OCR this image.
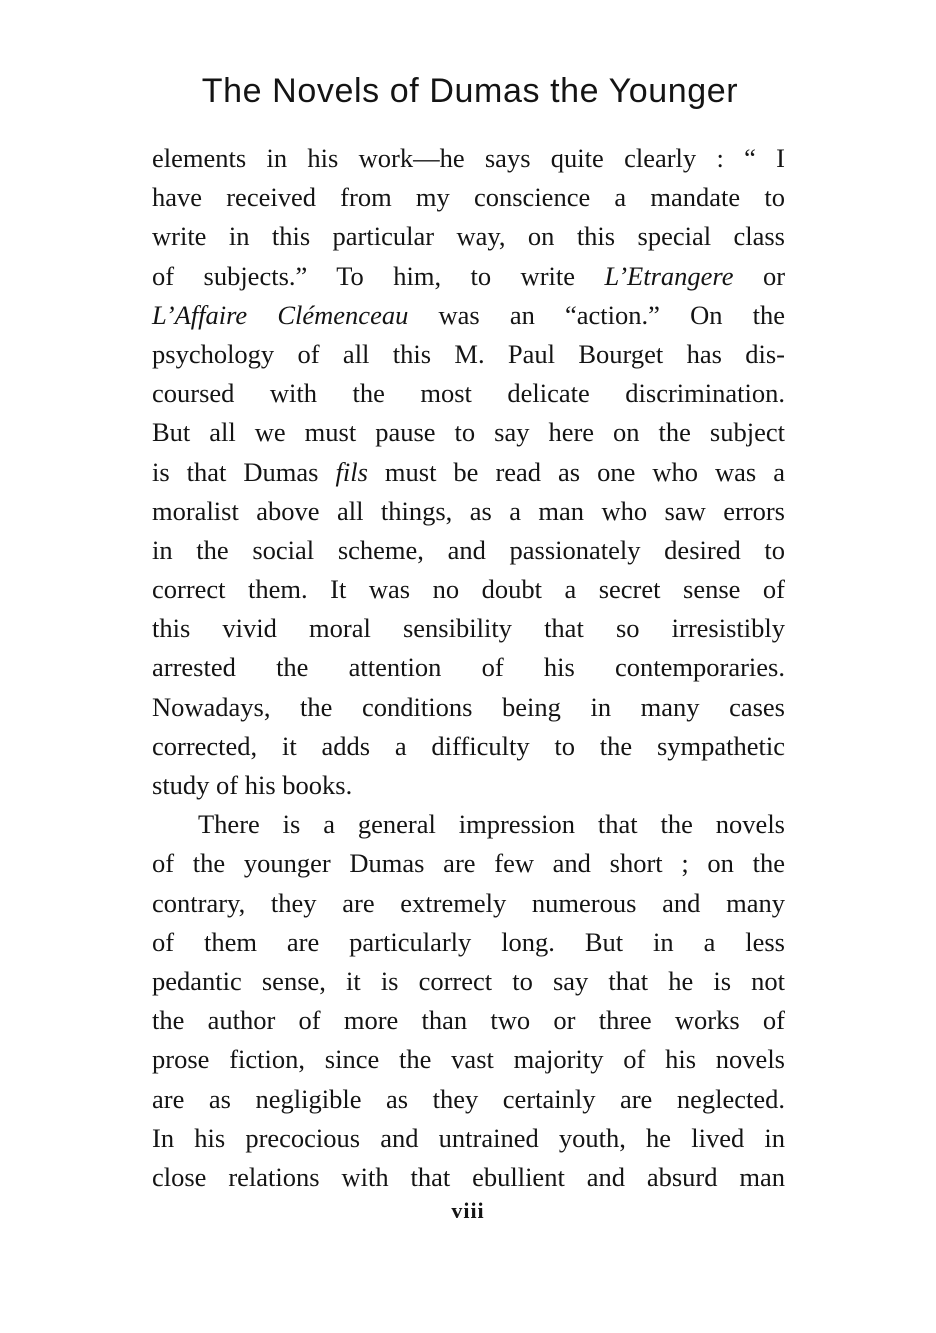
The Novels of Dumas the Younger
elements in his work—he says quite clearly : “ I
have received from my conscience a mandate to
write in this particular way, on this special class
of subjects.” To him, to write L’Etrangere or
L’Affaire Clémenceau was an “action.” On the
psychology of all this M. Paul Bourget has dis-
coursed with the most delicate discrimination.
But all we must pause to say here on the subject
is that Dumas fils must be read as one who was a
moralist above all things, as a man who saw errors
in the social scheme, and passionately desired to
correct them. It was no doubt a secret sense of
this vivid moral sensibility that so irresistibly
arrested the attention of his contemporaries.
Nowadays, the conditions being in many cases
corrected, it adds a difficulty to the sympathetic
study of his books.
There is a general impression that the novels
of the younger Dumas are few and short ; on the
contrary, they are extremely numerous and many
of them are particularly long. But in a less
pedantic sense, it is correct to say that he is not
the author of more than two or three works of
prose fiction, since the vast majority of his novels
are as negligible as they certainly are neglected.
In his precocious and untrained youth, he lived in
close relations with that ebullient and absurd man
viii
